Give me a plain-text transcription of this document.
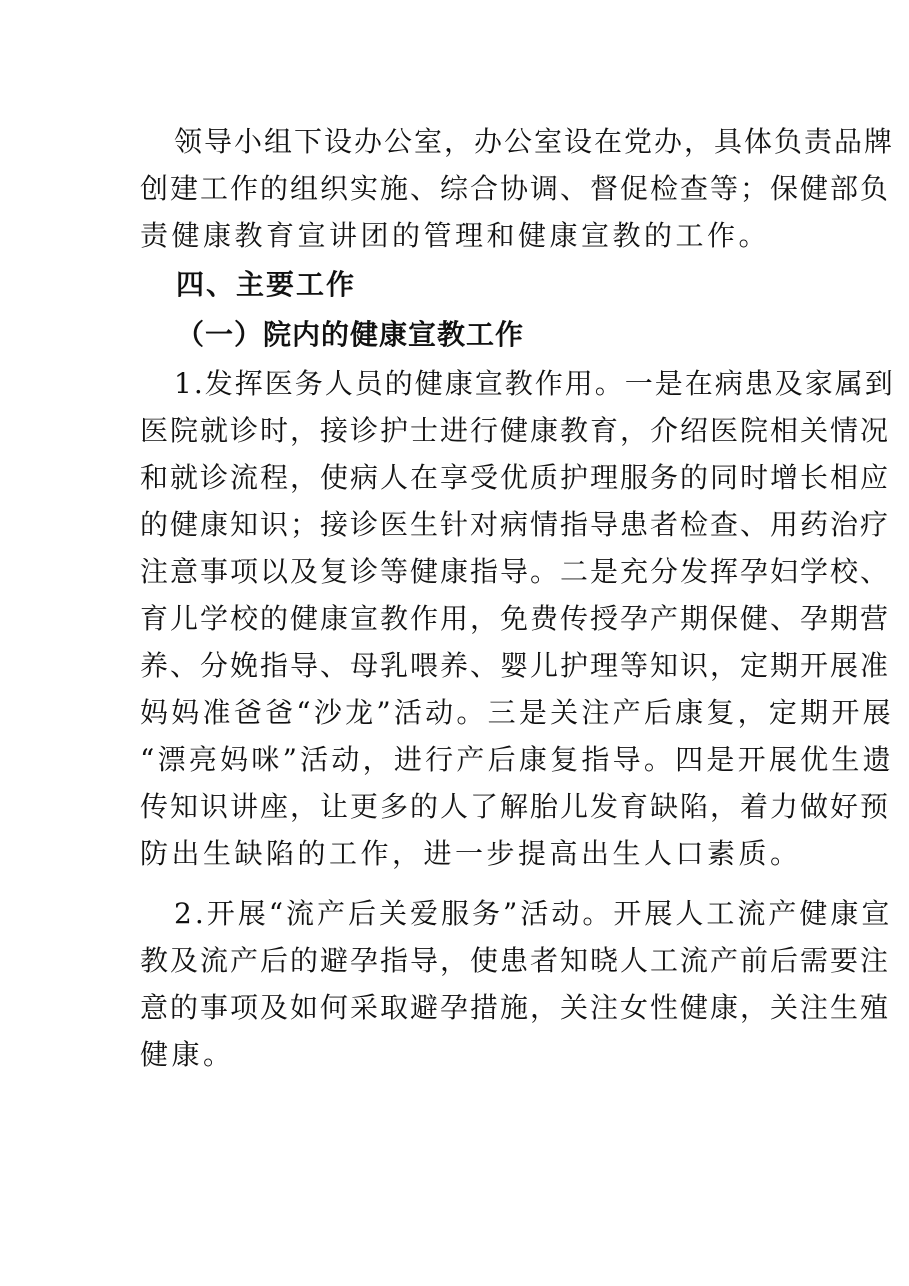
领导小组下设办公室，办公室设在党办，具体负责品牌
创建工作的组织实施、综合协调、督促检查等；保健部负
责健康教育宣讲团的管理和健康宣教的工作。
四、主要工作
（一）院内的健康宣教工作
1.发挥医务人员的健康宣教作用。一是在病患及家属到
医院就诊时，接诊护士进行健康教育，介绍医院相关情况
和就诊流程，使病人在享受优质护理服务的同时增长相应
的健康知识；接诊医生针对病情指导患者检查、用药治疗
注意事项以及复诊等健康指导。二是充分发挥孕妇学校、
育儿学校的健康宣教作用，免费传授孕产期保健、孕期营
养、分娩指导、母乳喂养、婴儿护理等知识，定期开展准
妈妈准爸爸“沙龙”活动。三是关注产后康复，定期开展
“漂亮妈咪”活动，进行产后康复指导。四是开展优生遗
传知识讲座，让更多的人了解胎儿发育缺陷，着力做好预
防出生缺陷的工作，进一步提高出生人口素质。
2.开展“流产后关爱服务”活动。开展人工流产健康宣
教及流产后的避孕指导，使患者知晓人工流产前后需要注
意的事项及如何采取避孕措施，关注女性健康，关注生殖
健康。
